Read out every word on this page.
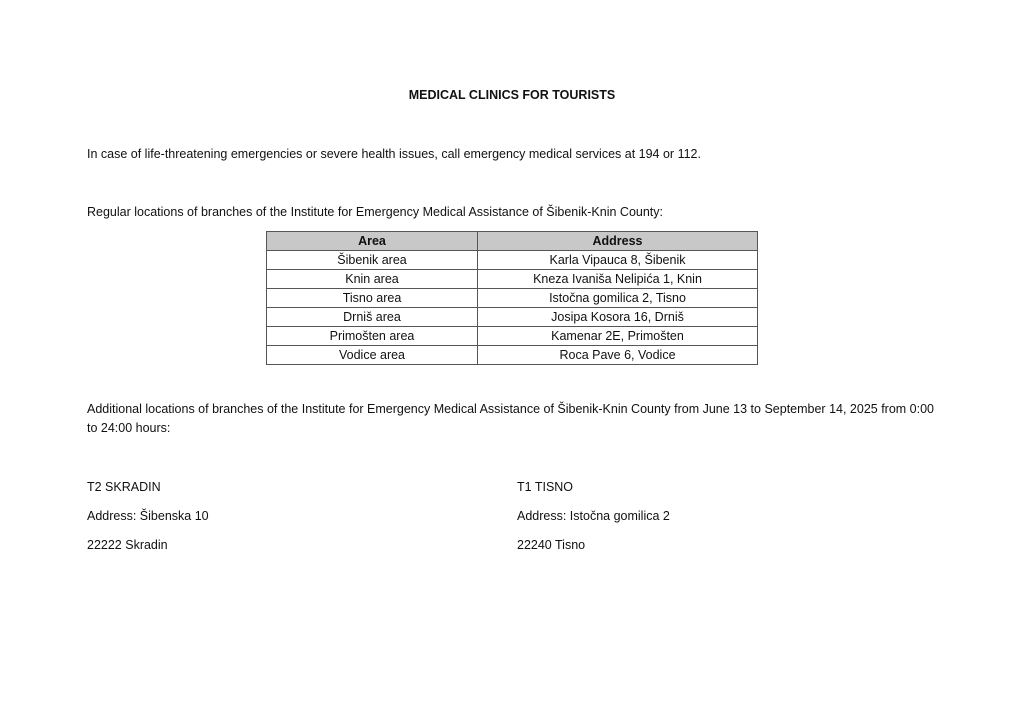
MEDICAL CLINICS FOR TOURISTS
In case of life-threatening emergencies or severe health issues, call emergency medical services at 194 or 112.
Regular locations of branches of the Institute for Emergency Medical Assistance of Šibenik-Knin County:
Area	Address
Šibenik area	Karla Vipauca 8, Šibenik
Knin area	Kneza Ivaniša Nelipića 1, Knin
Tisno area	Istočna gomilica 2, Tisno
Drniš area	Josipa Kosora 16, Drniš
Primošten area	Kamenar 2E, Primošten
Vodice area	Roca Pave 6, Vodice
Additional locations of branches of the Institute for Emergency Medical Assistance of Šibenik-Knin County from June 13 to September 14, 2025 from 0:00 to 24:00 hours:
T2 SKRADIN
Address: Šibenska 10
22222 Skradin
T1 TISNO
Address: Istočna gomilica 2
22240 Tisno
